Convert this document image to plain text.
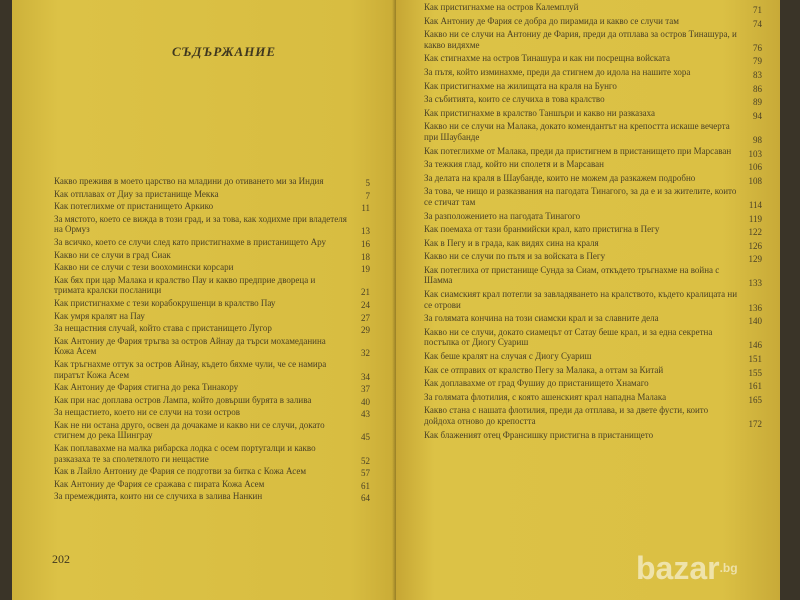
СЪДЪРЖАНИЕ
Какво преживя в моето царство на младини до отиването ми за Индия	5
Как отплавах от Диу за пристанище Меккa	7
Как потеглихме от пристанището Аркико	11
За мястото, което се вижда в този град, и за това, как ходихме при владетеля на Ормуз	13
За всичко, което се случи след като пристигнахме в пристанището Ару	16
Какво ни се случи в град Сиак	18
Какво ни се случи с тези воохомински корсари	19
Как бях при цар Малака и кралство Пау и какво предприе двореца и тримата кралски посланици	21
Как пристигнахме с тези корабокрушенци в кралство Пау	24
Как умря кралят на Пау	27
За нещастния случай, който става с пристанището Лугор	29
Как Антониу де Фария тръгва за остров Айнау да търси мохамеданина Кожа Асем	32
Как тръгнахме оттук за остров Айнау, където бяхме чули, че се намира пиратът Кожа Асем	34
Как Антониу де Фария стигна до река Тинакору	37
Как при нас доплава остров Лампа, който довърши бурята в залива	40
За нещастието, което ни се случи на този остров	43
Как не ни остана друго, освен да дочакаме и какво ни се случи, докато стигнем до река Шинграу	45
Как поплавахме на малка рибарска лодка с осем португалци и какво разказаха те за сполетялото ги нещастие	52
Как в Лайло Антониу де Фария се подготви за битка с Кожа Асем	57
Как Антониу де Фария се сражава с пирата Кожа Асем	61
За премеждията, които ни се случиха в залива Нанкин	64

202

Как пристигнахме на остров Калемплуй	71
Как Антониу де Фария се добра до пирамида и какво се случи там	74
Какво ни се случи на Антониу де Фария, преди да отплава за остров Тинашура, и какво видяхме	76
Как стигнахме на остров Тинашура и как ни посрещна войската	79
За пътя, който изминахме, преди да стигнем до идола на нашите хора	83
Как пристигнахме на жилищата на краля на Бунго	86
За събитията, които се случиха в това кралство	89
Как пристигнахме в кралство Таншъри и какво ни разказаха	94
Какво ни се случи на Малака, докато комендантът на крепостта искаше вечерта при Шаубанде	98
Как потеглихме от Малака, преди да пристигнем в пристанището при Марсаван	103
За тежкия глад, който ни сполетя и в Марсаван	106
За делата на краля в Шаубанде, които не можем да разкажем подробно	108
За това, че нищо и разказвания на пагодата Тинагого, за да е и за жителите, които се стичат там	114
За разположението на пагодата Тинагого	119
Как поемаха от тази бранмийски крал, като пристигна в Пегу	122
Как в Пегу и в града, как видях сина на краля	126
Какво ни се случи по пътя и за войската в Пегу	129
Как потеглиха от пристанище Сунда за Сиам, откъдето тръгнахме на война с Шамма	133
Как сиамският крал потегли за завладяването на кралството, където кралицата ни се отрови	136
За голямата кончина на този сиамски крал и за славните дела	140
Какво ни се случи, докато сиамецът от Сатау беше крал, и за една секретна постъпка от Диогу Суариш	146
Как беше кралят на случая с Диогу Суариш	151
Как се отправих от кралство Пегу за Малака, а оттам за Китай	155
Как доплавахме от град Фушиу до пристанището Хнамаго	161
За голямата флотилия, с която ашенският крал нападна Малака	165
Какво стана с нашата флотилия, преди да отплава, и за двете фусти, които дойдоха отново до крепостта	172
Как блаженият отец Франсишку пристигна в пристанището
bazar.bg
